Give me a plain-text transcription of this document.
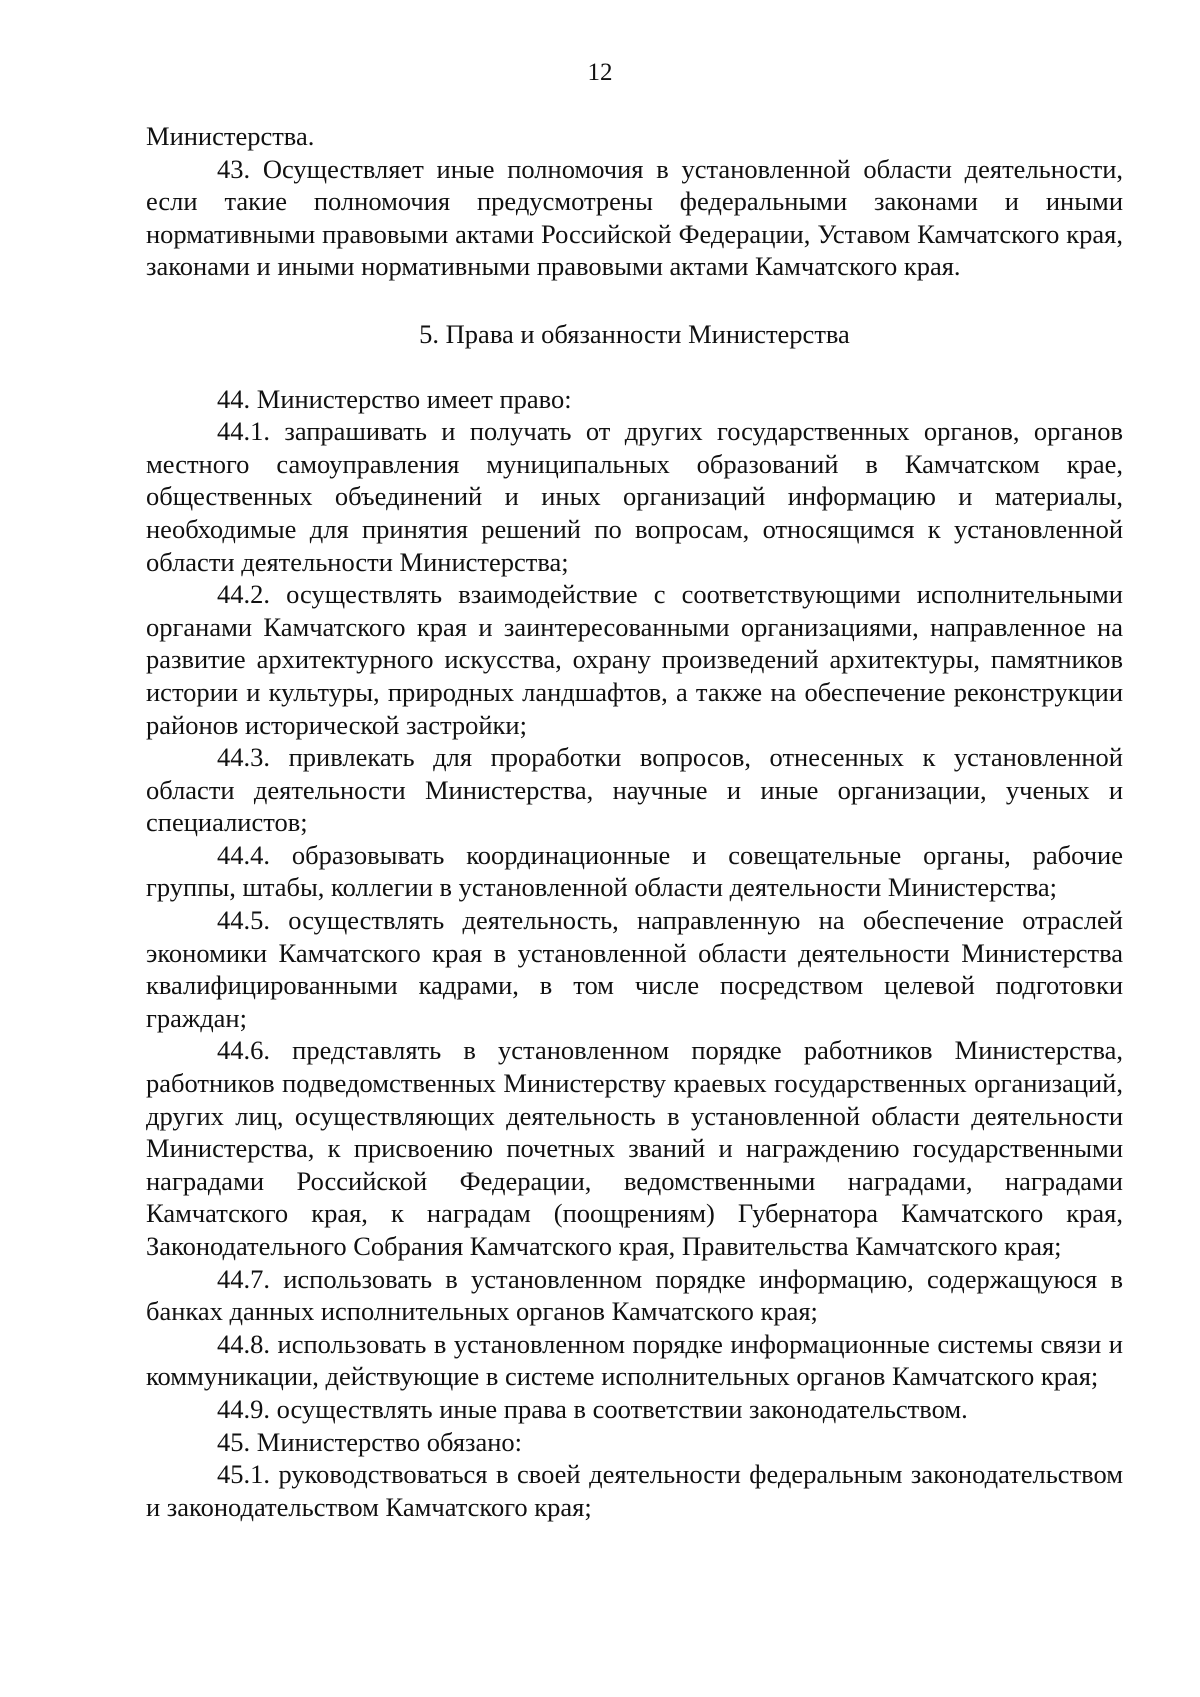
12

Министерства.

43. Осуществляет иные полномочия в установленной области деятельности, если такие полномочия предусмотрены федеральными законами и иными нормативными правовыми актами Российской Федерации, Уставом Камчатского края, законами и иными нормативными правовыми актами Камчатского края.

5. Права и обязанности Министерства

44. Министерство имеет право:

44.1. запрашивать и получать от других государственных органов, органов местного самоуправления муниципальных образований в Камчатском крае, общественных объединений и иных организаций информацию и материалы, необходимые для принятия решений по вопросам, относящимся к установленной области деятельности Министерства;

44.2. осуществлять взаимодействие с соответствующими исполнительными органами Камчатского края и заинтересованными организациями, направленное на развитие архитектурного искусства, охрану произведений архитектуры, памятников истории и культуры, природных ландшафтов, а также на обеспечение реконструкции районов исторической застройки;

44.3. привлекать для проработки вопросов, отнесенных к установленной области деятельности Министерства, научные и иные организации, ученых и специалистов;

44.4. образовывать координационные и совещательные органы, рабочие группы, штабы, коллегии в установленной области деятельности Министерства;

44.5. осуществлять деятельность, направленную на обеспечение отраслей экономики Камчатского края в установленной области деятельности Министерства квалифицированными кадрами, в том числе посредством целевой подготовки граждан;

44.6. представлять в установленном порядке работников Министерства, работников подведомственных Министерству краевых государственных организаций, других лиц, осуществляющих деятельность в установленной области деятельности Министерства, к присвоению почетных званий и награждению государственными наградами Российской Федерации, ведомственными наградами, наградами Камчатского края, к наградам (поощрениям) Губернатора Камчатского края, Законодательного Собрания Камчатского края, Правительства Камчатского края;

44.7. использовать в установленном порядке информацию, содержащуюся в банках данных исполнительных органов Камчатского края;

44.8. использовать в установленном порядке информационные системы связи и коммуникации, действующие в системе исполнительных органов Камчатского края;

44.9. осуществлять иные права в соответствии законодательством.

45. Министерство обязано:

45.1. руководствоваться в своей деятельности федеральным законодательством и законодательством Камчатского края;
